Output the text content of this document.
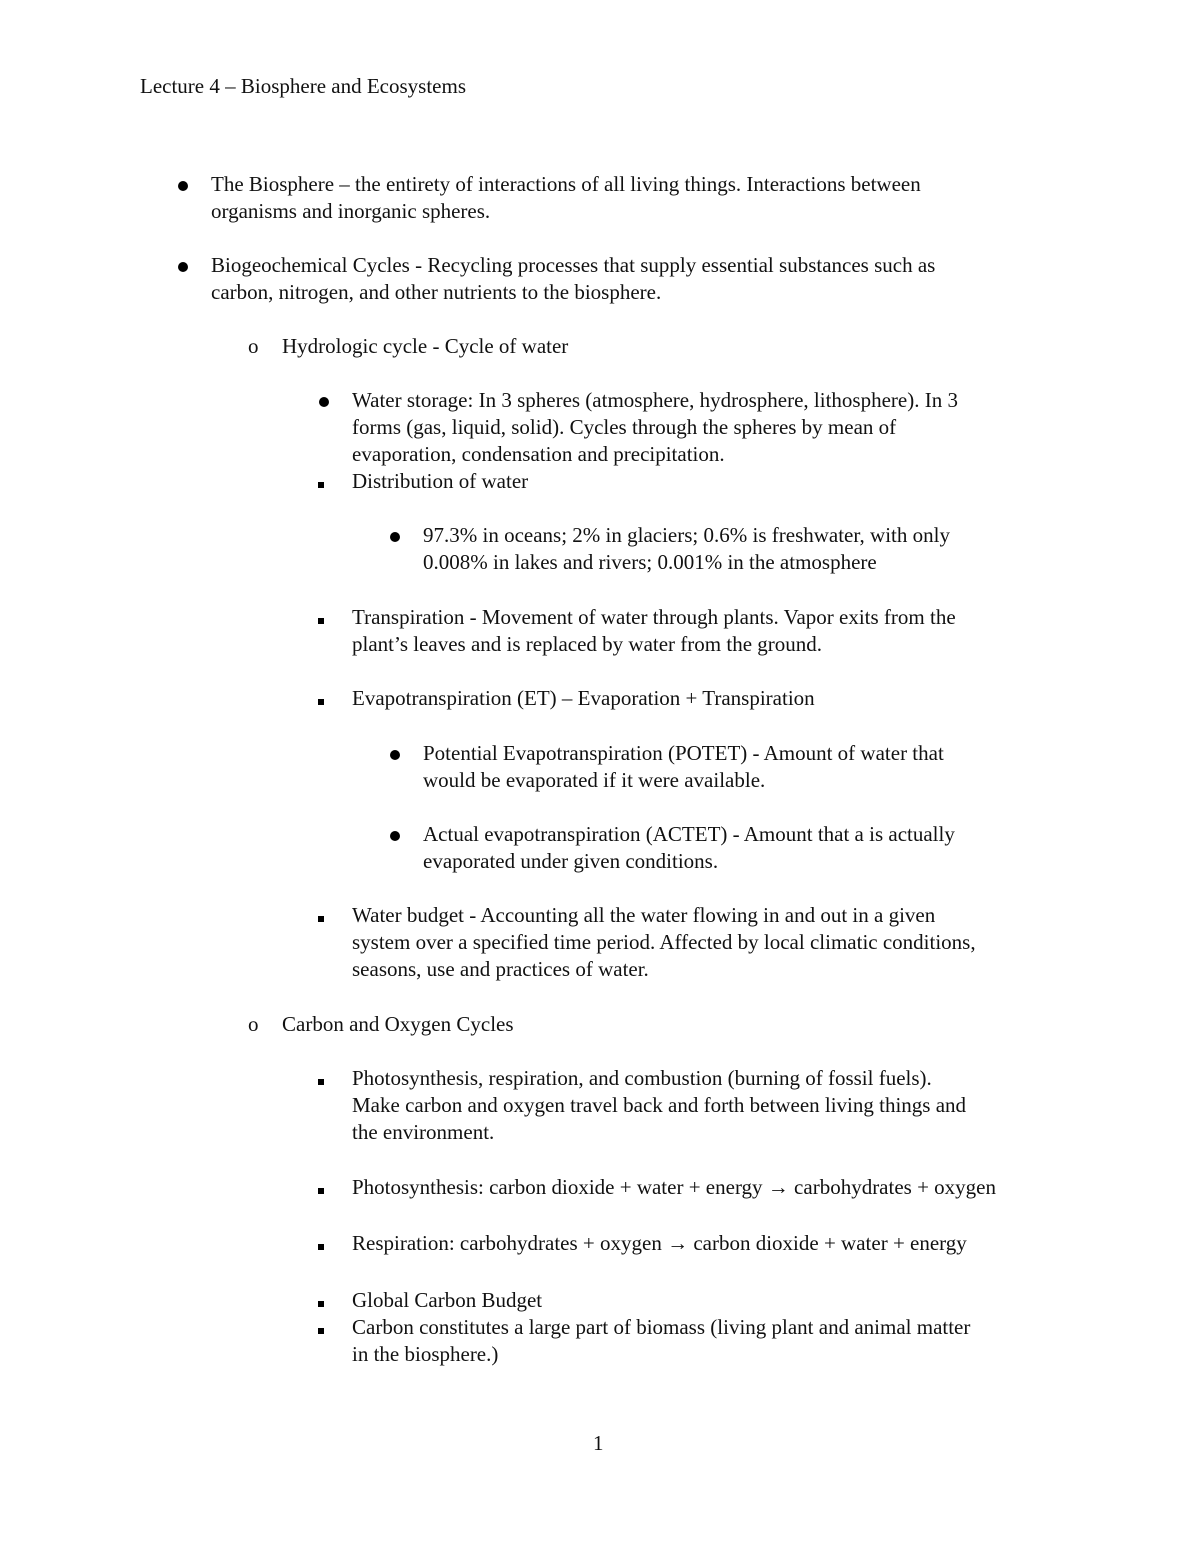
Lecture 4 – Biosphere and Ecosystems
The Biosphere – the entirety of interactions of all living things. Interactions between
organisms and inorganic spheres.
Biogeochemical Cycles - Recycling processes that supply essential substances such as
carbon, nitrogen, and other nutrients to the biosphere.
o Hydrologic cycle - Cycle of water
Water storage: In 3 spheres (atmosphere, hydrosphere, lithosphere). In 3
forms (gas, liquid, solid). Cycles through the spheres by mean of
evaporation, condensation and precipitation.
Distribution of water
97.3% in oceans; 2% in glaciers; 0.6% is freshwater, with only
0.008% in lakes and rivers; 0.001% in the atmosphere
Transpiration - Movement of water through plants. Vapor exits from the
plant’s leaves and is replaced by water from the ground.
Evapotranspiration (ET) – Evaporation + Transpiration
Potential Evapotranspiration (POTET) - Amount of water that
would be evaporated if it were available.
Actual evapotranspiration (ACTET) - Amount that a is actually
evaporated under given conditions.
Water budget - Accounting all the water flowing in and out in a given
system over a specified time period. Affected by local climatic conditions,
seasons, use and practices of water.
o Carbon and Oxygen Cycles
Photosynthesis, respiration, and combustion (burning of fossil fuels).
Make carbon and oxygen travel back and forth between living things and
the environment.
Photosynthesis: carbon dioxide + water + energy → carbohydrates + oxygen
Respiration: carbohydrates + oxygen → carbon dioxide + water + energy
Global Carbon Budget
Carbon constitutes a large part of biomass (living plant and animal matter
in the biosphere.)
1
